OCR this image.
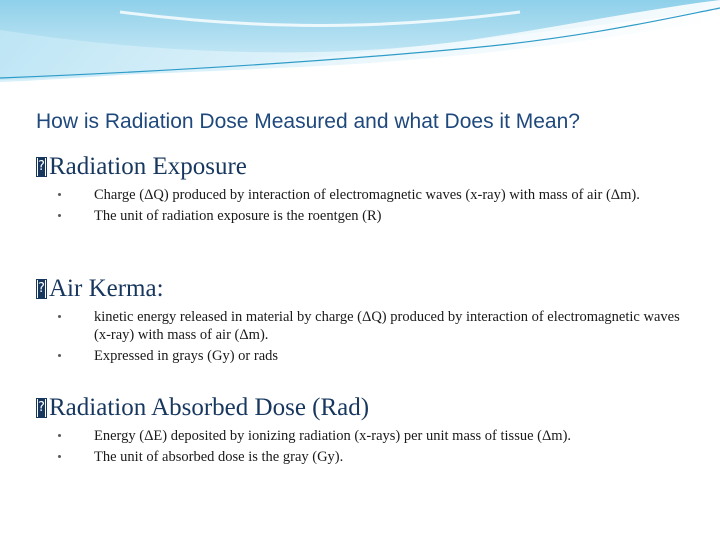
How is Radiation Dose Measured and what Does it Mean?
?
Radiation Exposure
Charge (ΔQ) produced by interaction of electromagnetic waves (x-ray) with mass of air (Δm).
The unit of radiation exposure is the roentgen (R)
?
Air Kerma:
kinetic energy released in material by charge (ΔQ) produced by interaction of electromagnetic waves (x-ray) with mass of air (Δm).
Expressed in grays (Gy) or rads
?
Radiation Absorbed Dose (Rad)
Energy (ΔE) deposited by ionizing radiation (x-rays) per unit mass of tissue (Δm).
The unit of absorbed dose is the gray (Gy).
